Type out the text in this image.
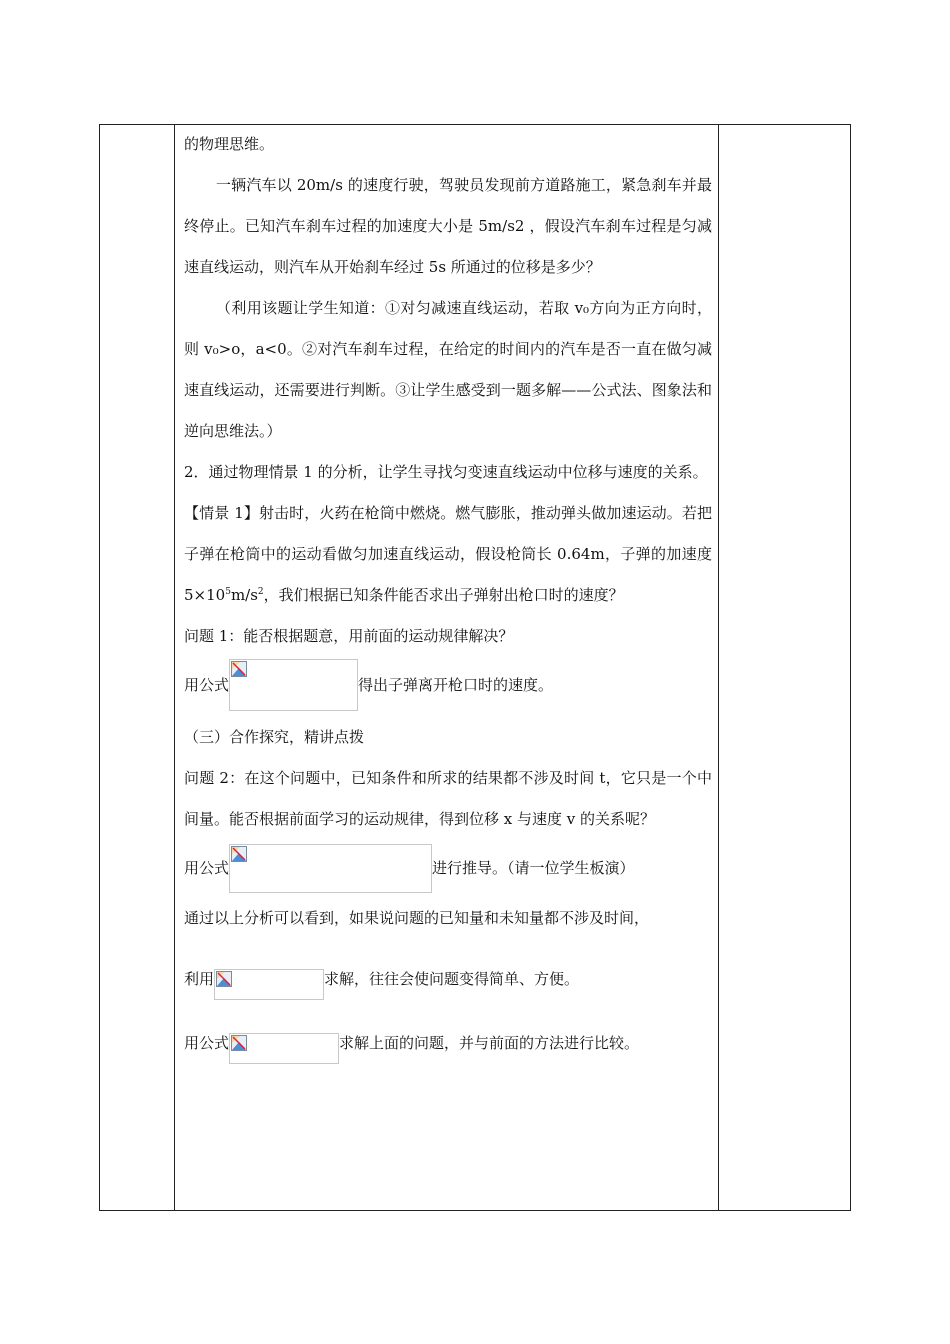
的物理思维。

一辆汽车以 20m/s 的速度行驶，驾驶员发现前方道路施工，紧急刹车并最终停止。已知汽车刹车过程的加速度大小是 5m/s2 ，假设汽车刹车过程是匀减速直线运动，则汽车从开始刹车经过 5s 所通过的位移是多少？

（利用该题让学生知道：①对匀减速直线运动，若取 v₀方向为正方向时，则 v₀>o，a<0。②对汽车刹车过程，在给定的时间内的汽车是否一直在做匀减速直线运动，还需要进行判断。③让学生感受到一题多解——公式法、图象法和逆向思维法。）

2．通过物理情景 1 的分析，让学生寻找匀变速直线运动中位移与速度的关系。

【情景 1】射击时，火药在枪筒中燃烧。燃气膨胀，推动弹头做加速运动。若把子弹在枪筒中的运动看做匀加速直线运动，假设枪筒长 0.64m，子弹的加速度 $5\times 10^5m/s^2$，我们根据已知条件能否求出子弹射出枪口时的速度？

问题 1：能否根据题意，用前面的运动规律解决？

用公式	得出子弹离开枪口时的速度。

（三）合作探究，精讲点拨

问题 2：在这个问题中，已知条件和所求的结果都不涉及时间 t，它只是一个中间量。能否根据前面学习的运动规律，得到位移 x 与速度 v 的关系呢？

用公式	进行推导。（请一位学生板演）

通过以上分析可以看到，如果说问题的已知量和未知量都不涉及时间，

利用	求解，往往会使问题变得简单、方便。
用公式	求解上面的问题，并与前面的方法进行比较。
